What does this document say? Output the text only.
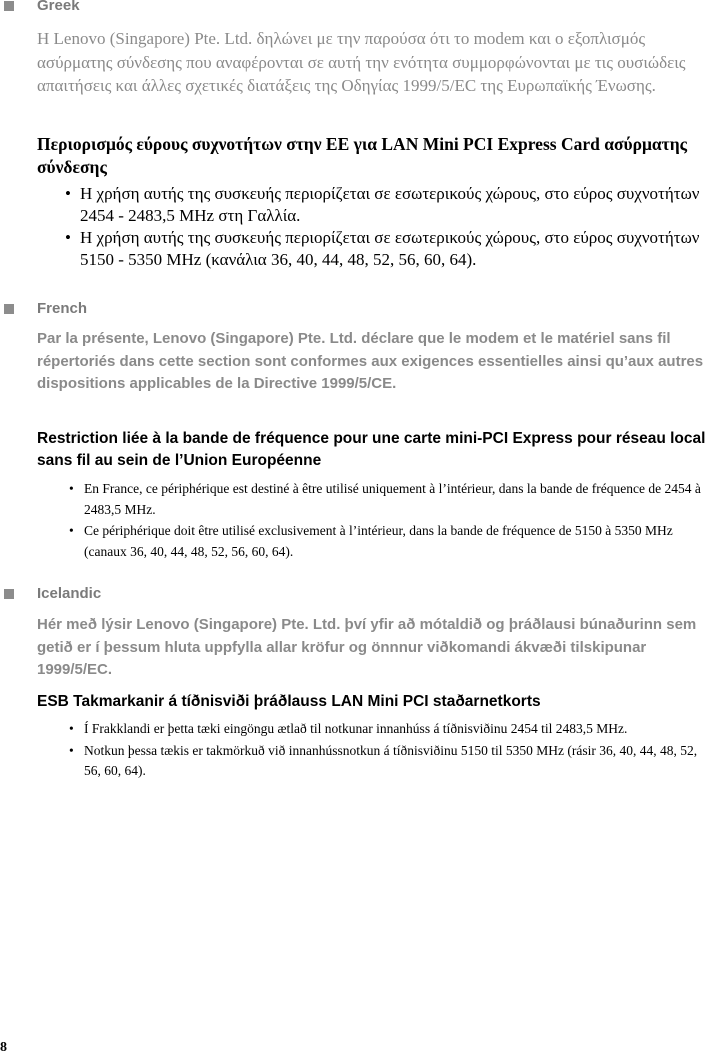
Greek

Η Lenovo (Singapore) Pte. Ltd. δηλώνει με την παρούσα ότι το modem και ο εξοπλισμός ασύρματης σύνδεσης που αναφέρονται σε αυτή την ενότητα συμμορφώνονται με τις ουσιώδεις απαιτήσεις και άλλες σχετικές διατάξεις της Οδηγίας 1999/5/EC της Ευρωπαϊκής Ένωσης.

Περιορισμός εύρους συχνοτήτων στην ΕΕ για LAN Mini PCI Express Card ασύρματης σύνδεσης

• Η χρήση αυτής της συσκευής περιορίζεται σε εσωτερικούς χώρους, στο εύρος συχνοτήτων 2454 - 2483,5 MHz στη Γαλλία.
• Η χρήση αυτής της συσκευής περιορίζεται σε εσωτερικούς χώρους, στο εύρος συχνοτήτων 5150 - 5350 MHz (κανάλια 36, 40, 44, 48, 52, 56, 60, 64).
French

Par la présente, Lenovo (Singapore) Pte. Ltd. déclare que le modem et le matériel sans fil répertoriés dans cette section sont conformes aux exigences essentielles ainsi qu’aux autres dispositions applicables de la Directive 1999/5/CE.

Restriction liée à la bande de fréquence pour une carte mini-PCI Express pour réseau local sans fil au sein de l’Union Européenne

• En France, ce périphérique est destiné à être utilisé uniquement à l’intérieur, dans la bande de fréquence de 2454 à 2483,5 MHz.
• Ce périphérique doit être utilisé exclusivement à l’intérieur, dans la bande de fréquence de 5150 à 5350 MHz (canaux 36, 40, 44, 48, 52, 56, 60, 64).
Icelandic

Hér með lýsir Lenovo (Singapore) Pte. Ltd. því yfir að mótaldið og þráðlausi búnaðurinn sem getið er í þessum hluta uppfylla allar kröfur og önnnur viðkomandi ákvæði tilskipunar 1999/5/EC.

ESB Takmarkanir á tíðnisviði þráðlauss LAN Mini PCI staðarnetkorts

• Í Frakklandi er þetta tæki eingöngu ætlað til notkunar innanhúss á tíðnisviðinu 2454 til 2483,5 MHz.
• Notkun þessa tækis er takmörkuð við innanhússnotkun á tíðnisviðinu 5150 til 5350 MHz (rásir 36, 40, 44, 48, 52, 56, 60, 64).
8
